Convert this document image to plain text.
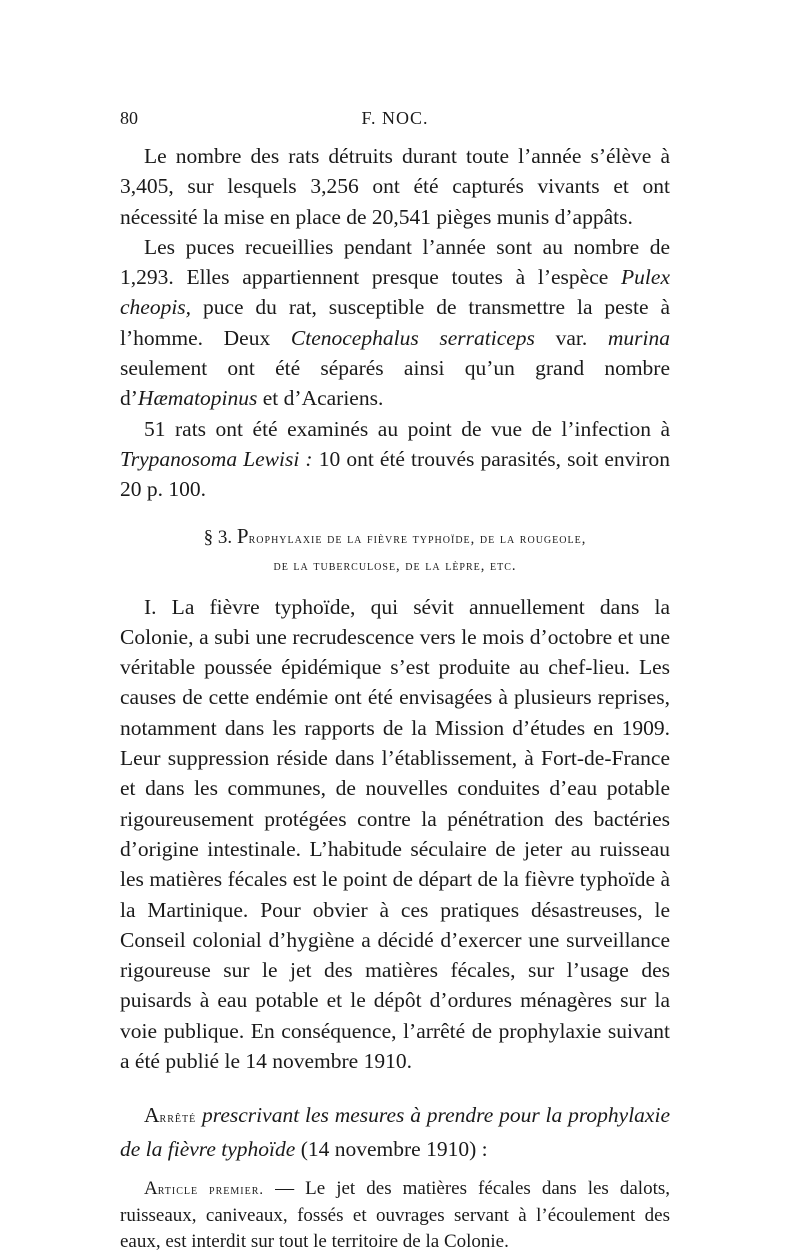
80	F. NOC.

Le nombre des rats détruits durant toute l’année s’élève à 3,405, sur lesquels 3,256 ont été capturés vivants et ont nécessité la mise en place de 20,541 pièges munis d’appâts.

Les puces recueillies pendant l’année sont au nombre de 1,293. Elles appartiennent presque toutes à l’espèce Pulex cheopis, puce du rat, susceptible de transmettre la peste à l’homme. Deux Ctenocephalus serraticeps var. murina seulement ont été séparés ainsi qu’un grand nombre d’Hæmatopinus et d’Acariens.

51 rats ont été examinés au point de vue de l’infection à Trypanosoma Lewisi : 10 ont été trouvés parasités, soit environ 20 p. 100.

§ 3. Prophylaxie de la fièvre typhoïde, de la rougeole,
de la tuberculose, de la lèpre, etc.

I. La fièvre typhoïde, qui sévit annuellement dans la Colonie, a subi une recrudescence vers le mois d’octobre et une véritable poussée épidémique s’est produite au chef-lieu. Les causes de cette endémie ont été envisagées à plusieurs reprises, notamment dans les rapports de la Mission d’études en 1909. Leur suppression réside dans l’établissement, à Fort-de-France et dans les communes, de nouvelles conduites d’eau potable rigoureusement protégées contre la pénétration des bactéries d’origine intestinale. L’habitude séculaire de jeter au ruisseau les matières fécales est le point de départ de la fièvre typhoïde à la Martinique. Pour obvier à ces pratiques désastreuses, le Conseil colonial d’hygiène a décidé d’exercer une surveillance rigoureuse sur le jet des matières fécales, sur l’usage des puisards à eau potable et le dépôt d’ordures ménagères sur la voie publique. En conséquence, l’arrêté de prophylaxie suivant a été publié le 14 novembre 1910.

Arrêté prescrivant les mesures à prendre pour la prophylaxie de la fièvre typhoïde (14 novembre 1910) :

Article premier. — Le jet des matières fécales dans les dalots, ruisseaux, caniveaux, fossés et ouvrages servant à l’écoulement des eaux, est interdit sur tout le territoire de la Colonie.
